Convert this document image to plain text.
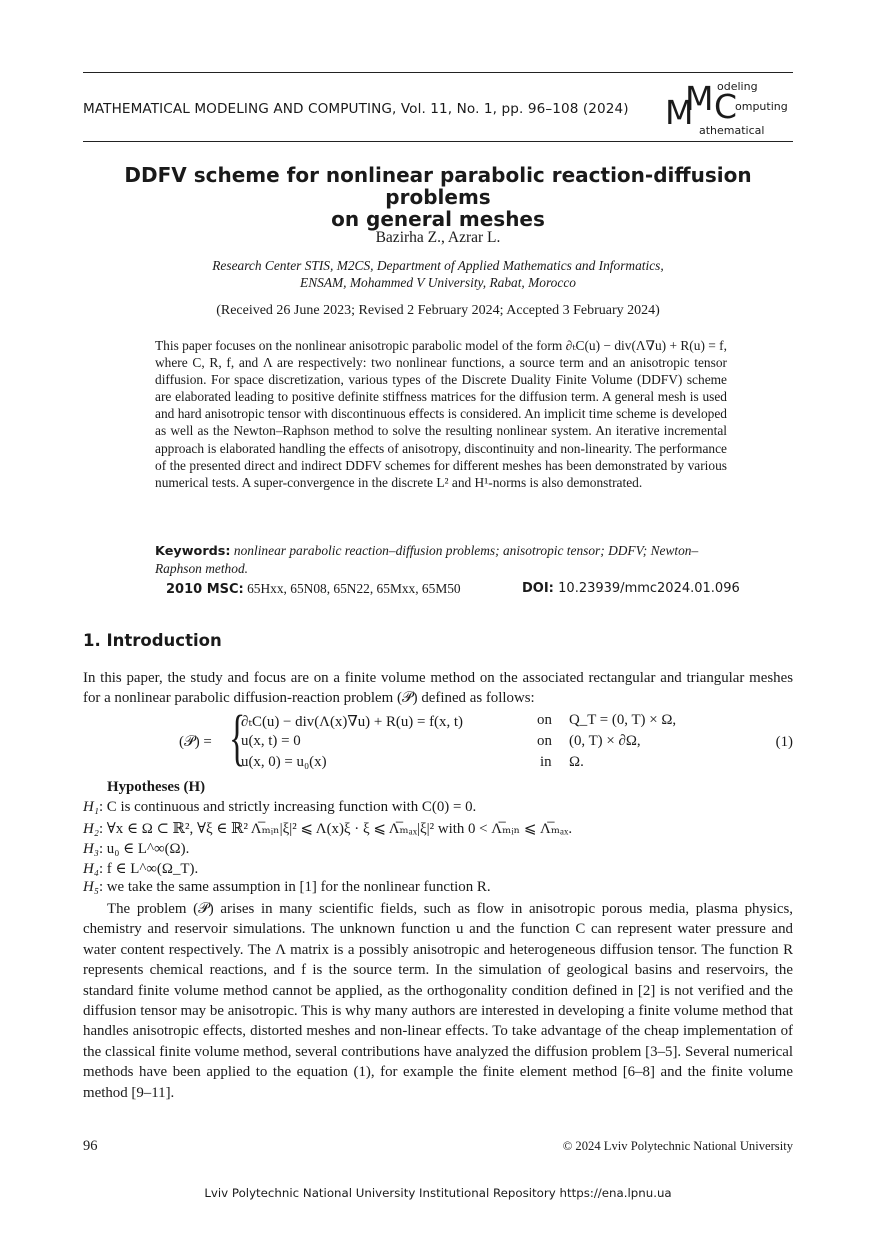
MATHEMATICAL MODELING AND COMPUTING, Vol. 11, No. 1, pp. 96–108 (2024) M
M C
odeling
omputing
athematical
DDFV scheme for nonlinear parabolic reaction-diffusion problems
on general meshes
Bazirha Z., Azrar L.
Research Center STIS, M2CS, Department of Applied Mathematics and Informatics,
ENSAM, Mohammed V University, Rabat, Morocco
(Received 26 June 2023; Revised 2 February 2024; Accepted 3 February 2024)
This paper focuses on the nonlinear anisotropic parabolic model of the form ∂ₜC(u) − div(Λ∇u) + R(u) = f, where C, R, f, and Λ are respectively: two nonlinear functions, a source term and an anisotropic tensor diffusion. For space discretization, various types of the Discrete Duality Finite Volume (DDFV) scheme are elaborated leading to positive definite stiffness matrices for the diffusion term. A general mesh is used and hard anisotropic tensor with discontinuous effects is considered. An implicit time scheme is developed as well as the Newton–Raphson method to solve the resulting nonlinear system. An iterative incremental approach is elaborated handling the effects of anisotropy, discontinuity and non-linearity. The performance of the presented direct and indirect DDFV schemes for different meshes has been demonstrated by various numerical tests. A super-convergence in the discrete L² and H¹-norms is also demonstrated.
Keywords: nonlinear parabolic reaction–diffusion problems; anisotropic tensor; DDFV; Newton–Raphson method.
2010 MSC: 65Hxx, 65N08, 65N22, 65Mxx, 65M50	DOI: 10.23939/mmc2024.01.096
1. Introduction
In this paper, the study and focus are on a finite volume method on the associated rectangular and triangular meshes for a nonlinear parabolic diffusion-reaction problem (𝒫) defined as follows:
(𝒫) = {
∂ₜC(u) − div(Λ(x)∇u) + R(u) = f(x, t)	on Q_T = (0, T) × Ω,
u(x, t) = 0	on (0, T) × ∂Ω,
u(x, 0) = u₀(x)	in Ω.
(1)
Hypotheses (H)
H₁: C is continuous and strictly increasing function with C(0) = 0.
H₂: ∀x ∈ Ω ⊂ ℝ², ∀ξ ∈ ℝ² Λ̅ₘᵢₙ|ξ|² ⩽ Λ(x)ξ · ξ ⩽ Λ̅ₘₐₓ|ξ|² with 0 < Λ̅ₘᵢₙ ⩽ Λ̅ₘₐₓ.
H₃: u₀ ∈ L^∞(Ω).
H₄: f ∈ L^∞(Ω_T).
H₅: we take the same assumption in [1] for the nonlinear function R.
The problem (𝒫) arises in many scientific fields, such as flow in anisotropic porous media, plasma physics, chemistry and reservoir simulations. The unknown function u and the function C can represent water pressure and water content respectively. The Λ matrix is a possibly anisotropic and heterogeneous diffusion tensor. The function R represents chemical reactions, and f is the source term. In the simulation of geological basins and reservoirs, the standard finite volume method cannot be applied, as the orthogonality condition defined in [2] is not verified and the diffusion tensor may be anisotropic. This is why many authors are interested in developing a finite volume method that handles anisotropic effects, distorted meshes and non-linear effects. To take advantage of the cheap implementation of the classical finite volume method, several contributions have analyzed the diffusion problem [3–5]. Several numerical methods have been applied to the equation (1), for example the finite element method [6–8] and the finite volume method [9–11].
96	© 2024 Lviv Polytechnic National University
Lviv Polytechnic National University Institutional Repository https://ena.lpnu.ua
